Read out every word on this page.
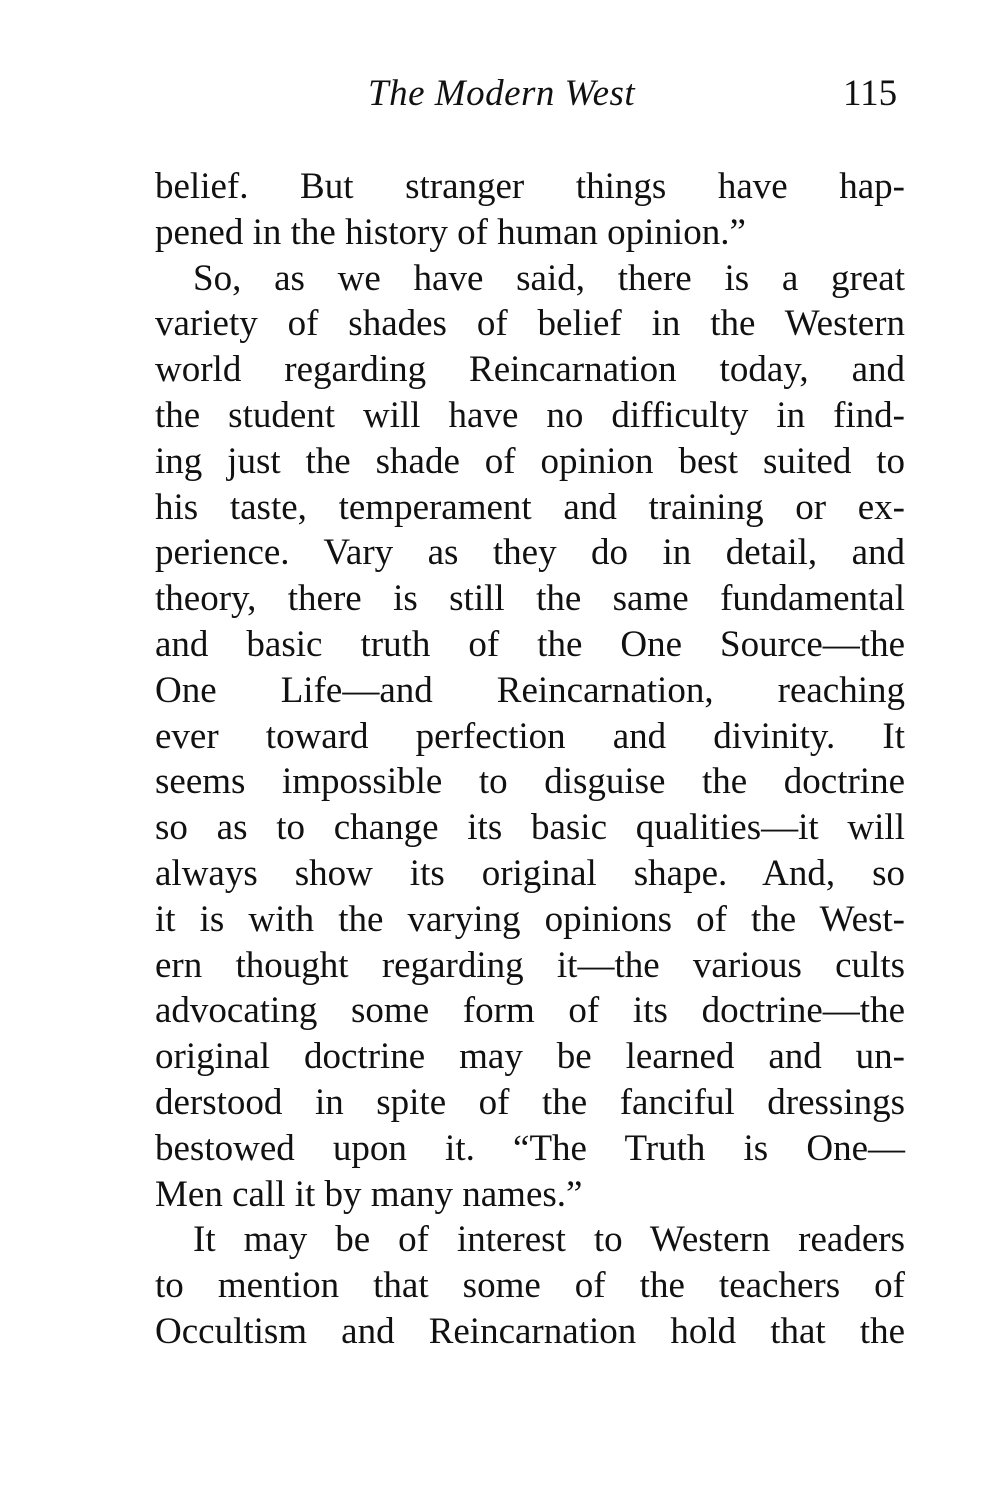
The Modern West	115
belief. But stranger things have hap-
pened in the history of human opinion.”
So, as we have said, there is a great
variety of shades of belief in the Western
world regarding Reincarnation today, and
the student will have no difficulty in find-
ing just the shade of opinion best suited to
his taste, temperament and training or ex-
perience. Vary as they do in detail, and
theory, there is still the same fundamental
and basic truth of the One Source—the
One Life—and Reincarnation, reaching
ever toward perfection and divinity. It
seems impossible to disguise the doctrine
so as to change its basic qualities—it will
always show its original shape. And, so
it is with the varying opinions of the West-
ern thought regarding it—the various cults
advocating some form of its doctrine—the
original doctrine may be learned and un-
derstood in spite of the fanciful dressings
bestowed upon it. “The Truth is One—
Men call it by many names.”
It may be of interest to Western readers
to mention that some of the teachers of
Occultism and Reincarnation hold that the
